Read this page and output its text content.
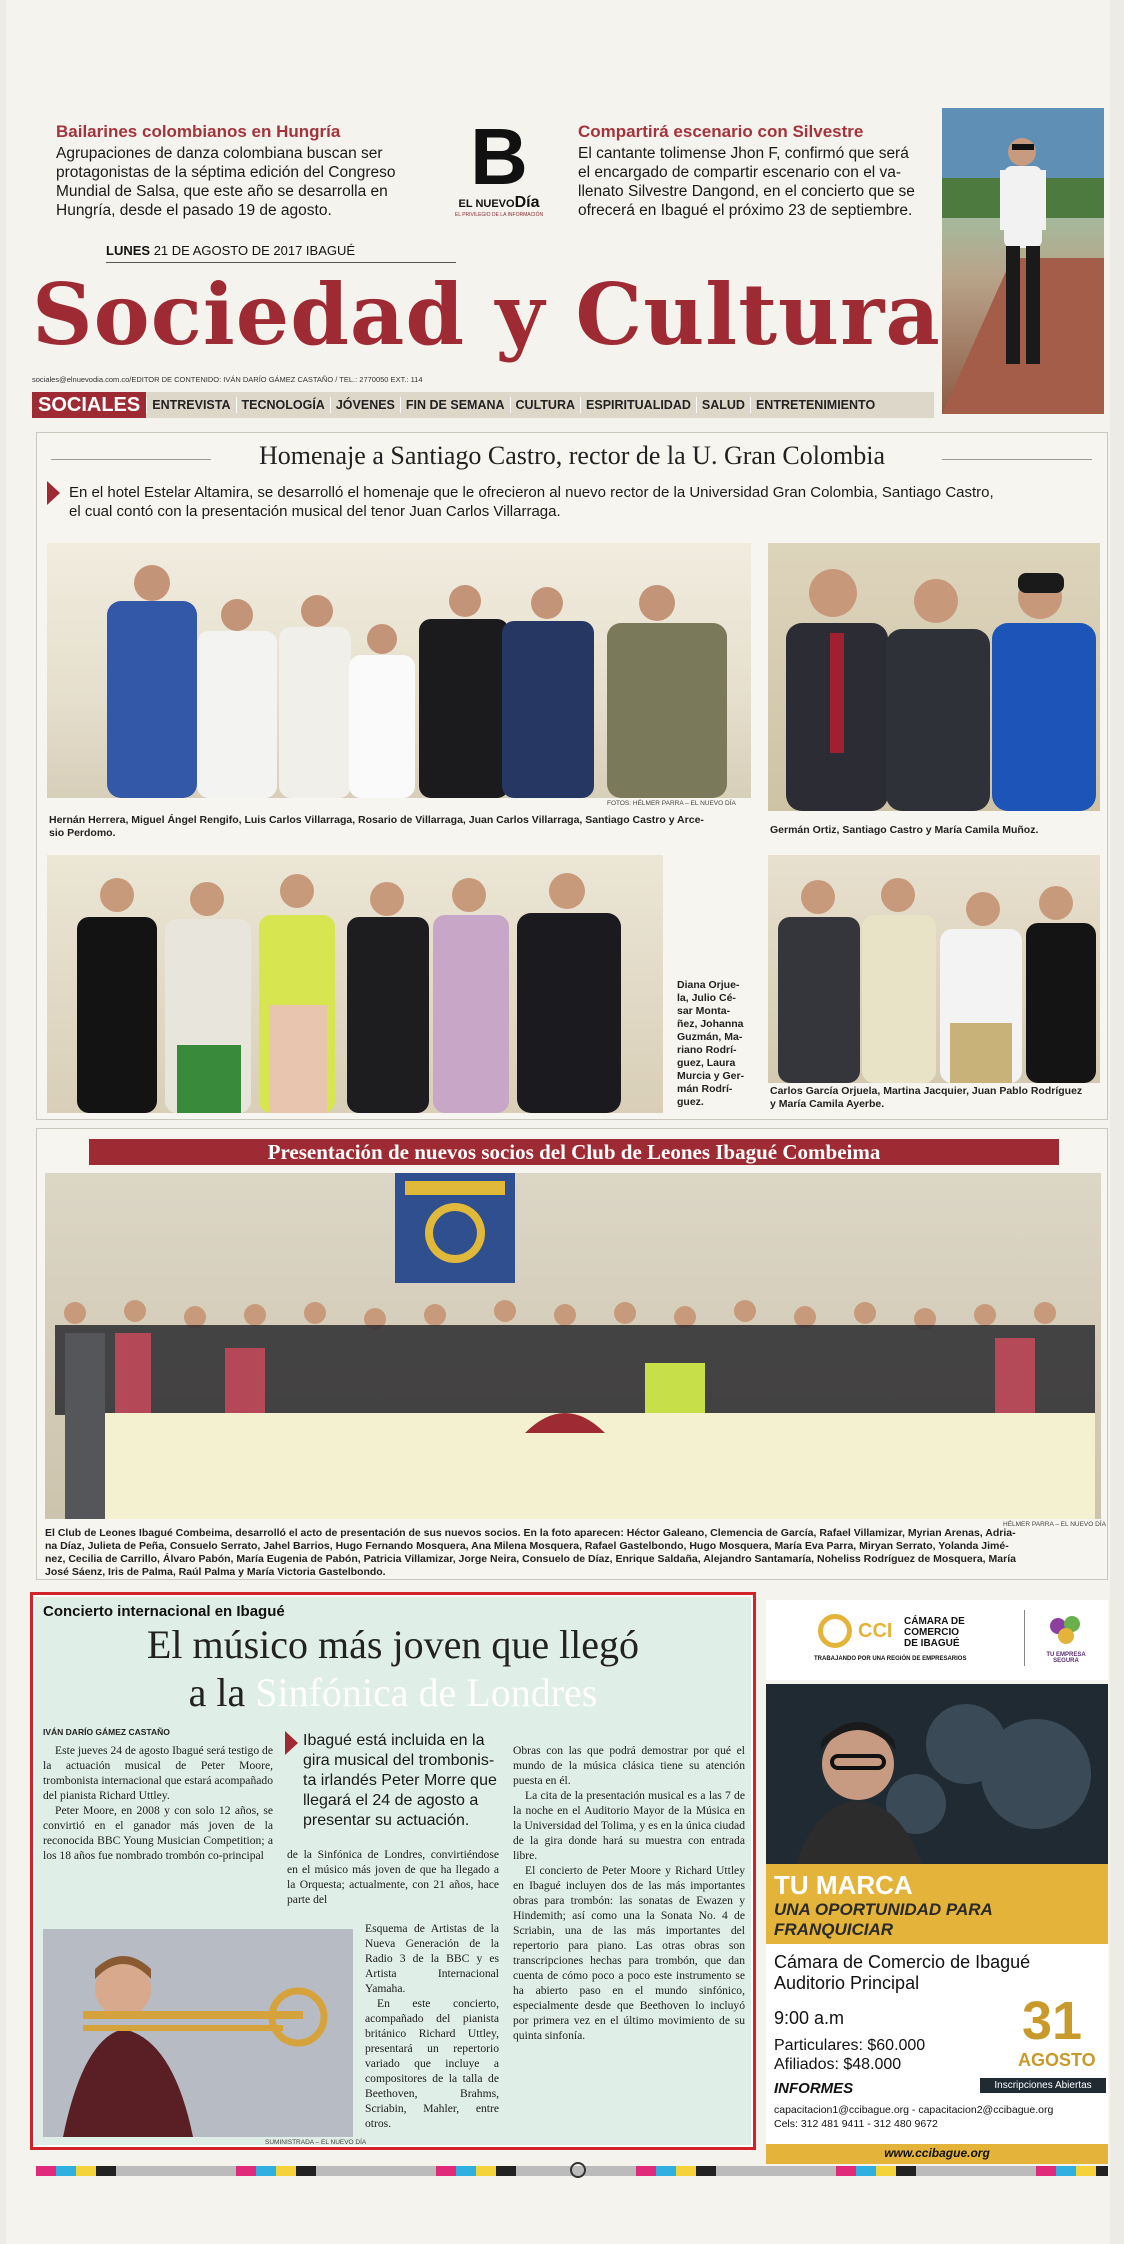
Bailarines colombianos en Hungría
Agrupaciones de danza colombiana buscan ser
protagonistas de la séptima edición del Congreso
Mundial de Salsa, que este año se desarrolla en
Hungría, desde el pasado 19 de agosto.
B
EL NUEVODía
EL PRIVILEGIO DE LA INFORMACIÓN
Compartirá escenario con Silvestre
El cantante tolimense Jhon F, confirmó que será
el encargado de compartir escenario con el va-
llenato Silvestre Dangond, en el concierto que se
ofrecerá en Ibagué el próximo 23 de septiembre.
LUNES 21 DE AGOSTO DE 2017 IBAGUÉ
Sociedad y Cultura
sociales@elnuevodia.com.co/EDITOR DE CONTENIDO: IVÁN DARÍO GÁMEZ CASTAÑO / TEL.: 2770050 EXT.: 114
SOCIALES ENTREVISTA TECNOLOGÍA JÓVENES FIN DE SEMANA CULTURA ESPIRITUALIDAD SALUD ENTRETENIMIENTO
Homenaje a Santiago Castro, rector de la U. Gran Colombia
En el hotel Estelar Altamira, se desarrolló el homenaje que le ofrecieron al nuevo rector de la Universidad Gran Colombia, Santiago Castro,
el cual contó con la presentación musical del tenor Juan Carlos Villarraga.
FOTOS: HÉLMER PARRA – EL NUEVO DÍA
Hernán Herrera, Miguel Ángel Rengifo, Luis Carlos Villarraga, Rosario de Villarraga, Juan Carlos Villarraga, Santiago Castro y Arce-
sio Perdomo.	Germán Ortiz, Santiago Castro y María Camila Muñoz.
Diana Orjue-
la, Julio Cé-
sar Monta-
ñez, Johanna
Guzmán, Ma-
riano Rodrí-
guez, Laura
Murcia y Ger-
mán Rodrí-
guez.
Carlos García Orjuela, Martina Jacquier, Juan Pablo Rodríguez
y María Camila Ayerbe.
Presentación de nuevos socios del Club de Leones Ibagué Combeima
HÉLMER PARRA – EL NUEVO DÍA
El Club de Leones Ibagué Combeima, desarrolló el acto de presentación de sus nuevos socios. En la foto aparecen: Héctor Galeano, Clemencia de García, Rafael Villamizar, Myrian Arenas, Adria-
na Díaz, Julieta de Peña, Consuelo Serrato, Jahel Barrios, Hugo Fernando Mosquera, Ana Milena Mosquera, Rafael Gastelbondo, Hugo Mosquera, María Eva Parra, Miryan Serrato, Yolanda Jimé-
nez, Cecilia de Carrillo, Álvaro Pabón, María Eugenia de Pabón, Patricia Villamizar, Jorge Neira, Consuelo de Díaz, Enrique Saldaña, Alejandro Santamaría, Noheliss Rodríguez de Mosquera, María
José Sáenz, Iris de Palma, Raúl Palma y María Victoria Gastelbondo.
Concierto internacional en Ibagué
El músico más joven que llegó
a la Sinfónica de Londres
IVÁN DARÍO GÁMEZ CASTAÑO

Este jueves 24 de agosto Ibagué será testigo de la actuación musical de Peter Moore, trombonista internacional que estará acompañado del pianista Richard Uttley.

Peter Moore, en 2008 y con solo 12 años, se convirtió en el ganador más joven de la reconocida BBC Young Musician Competition; a los 18 años fue nombrado trombón co-principal

Ibagué está incluida en la
gira musical del trombonis-
ta irlandés Peter Morre que
llegará el 24 de agosto a
presentar su actuación.

de la Sinfónica de Londres, convirtiéndose en el músico más joven de que ha llegado a la Orquesta; actualmente, con 21 años, hace parte del

Esquema de Artistas de la Nueva Generación de la Radio 3 de la BBC y es Artista Internacional Yamaha.

En este concierto, acompañado del pianista británico Richard Uttley, presentará un repertorio variado que incluye a compositores de la talla de Beethoven, Brahms, Scriabin, Mahler, entre otros.

Obras con las que podrá demostrar por qué el mundo de la música clásica tiene su atención puesta en él.

La cita de la presentación musical es a las 7 de la noche en el Auditorio Mayor de la Música en la Universidad del Tolima, y es en la única ciudad de la gira donde hará su muestra con entrada libre.

El concierto de Peter Moore y Richard Uttley en Ibagué incluyen dos de las más importantes obras para trombón: las sonatas de Ewazen y Hindemith; así como una la Sonata No. 4 de Scriabin, una de las más importantes del repertorio para piano. Las otras obras son transcripciones hechas para trombón, que dan cuenta de cómo poco a poco este instrumento se ha abierto paso en el mundo sinfónico, especialmente desde que Beethoven lo incluyó por primera vez en el último movimiento de su quinta sinfonía.

SUMINISTRADA – EL NUEVO DÍA
CCI CÁMARA DE
COMERCIO
DE IBAGUÉ
TRABAJANDO POR UNA REGIÓN DE EMPRESARIOS
TU EMPRESA SEGURA
TU MARCA
UNA OPORTUNIDAD PARA
FRANQUICIAR
Cámara de Comercio de Ibagué
Auditorio Principal
9:00 a.m
Particulares: $60.000
Afiliados: $48.000
31
AGOSTO
Inscripciones Abiertas
INFORMES
capacitacion1@ccibague.org - capacitacion2@ccibague.org
Cels: 312 481 9411 - 312 480 9672
www.ccibague.org
